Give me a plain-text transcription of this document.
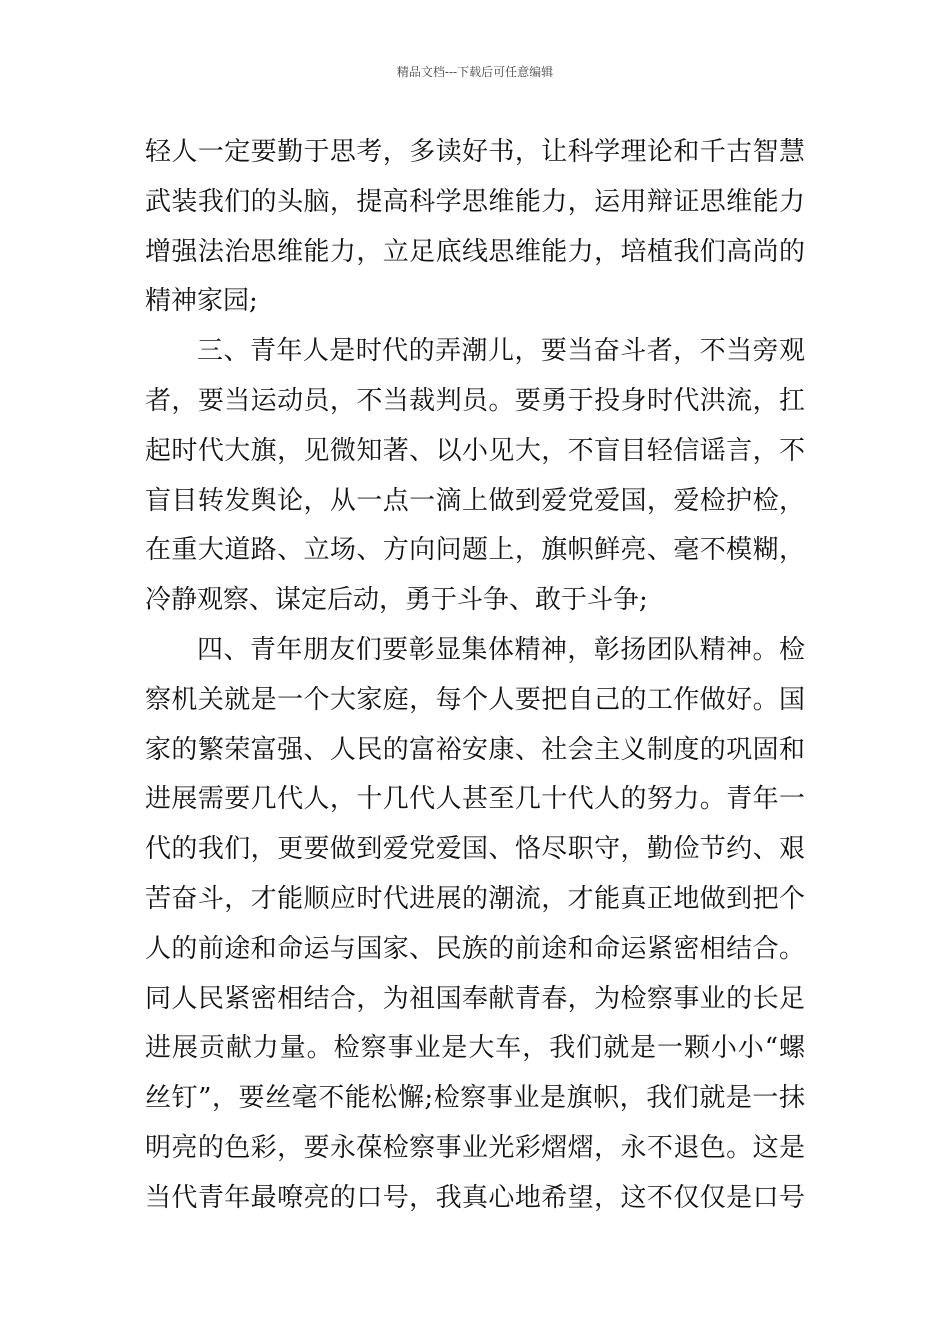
精品文档---下载后可任意编辑
轻人一定要勤于思考，多读好书，让科学理论和千古智慧
武装我们的头脑，提高科学思维能力，运用辩证思维能力
增强法治思维能力，立足底线思维能力，培植我们高尚的
精神家园;
三、青年人是时代的弄潮儿，要当奋斗者，不当旁观
者，要当运动员，不当裁判员。要勇于投身时代洪流，扛
起时代大旗，见微知著、以小见大，不盲目轻信谣言，不
盲目转发舆论，从一点一滴上做到爱党爱国，爱检护检，
在重大道路、立场、方向问题上，旗帜鲜亮、毫不模糊，
冷静观察、谋定后动，勇于斗争、敢于斗争;
四、青年朋友们要彰显集体精神，彰扬团队精神。检
察机关就是一个大家庭，每个人要把自己的工作做好。国
家的繁荣富强、人民的富裕安康、社会主义制度的巩固和
进展需要几代人，十几代人甚至几十代人的努力。青年一
代的我们，更要做到爱党爱国、恪尽职守，勤俭节约、艰
苦奋斗，才能顺应时代进展的潮流，才能真正地做到把个
人的前途和命运与国家、民族的前途和命运紧密相结合。
同人民紧密相结合，为祖国奉献青春，为检察事业的长足
进展贡献力量。检察事业是大车，我们就是一颗小小“螺
丝钉”，要丝毫不能松懈;检察事业是旗帜，我们就是一抹
明亮的色彩，要永葆检察事业光彩熠熠，永不退色。这是
当代青年最嘹亮的口号，我真心地希望，这不仅仅是口号
